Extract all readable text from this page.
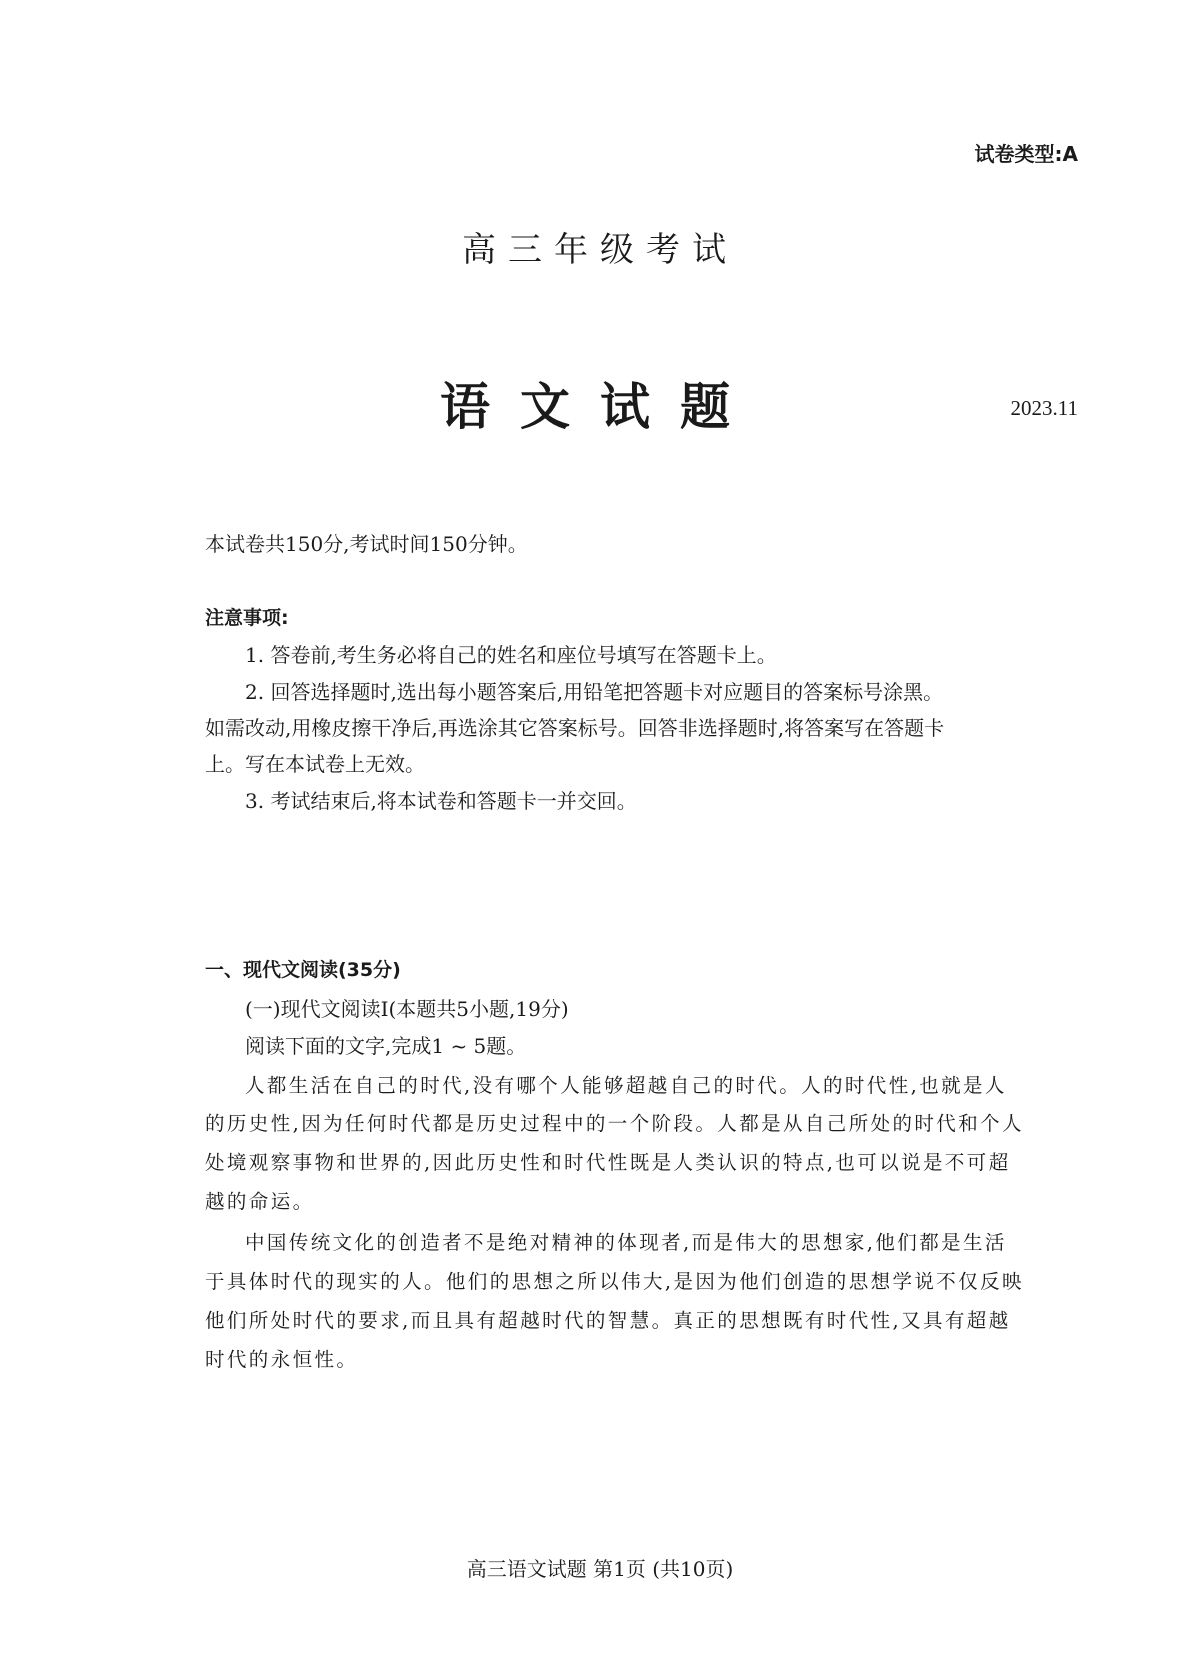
试卷类型:A
高三年级考试
语文试题	2023.11
本试卷共150分,考试时间150分钟。
注意事项:
1. 答卷前,考生务必将自己的姓名和座位号填写在答题卡上。
2. 回答选择题时,选出每小题答案后,用铅笔把答题卡对应题目的答案标号涂黑。
如需改动,用橡皮擦干净后,再选涂其它答案标号。回答非选择题时,将答案写在答题卡
上。写在本试卷上无效。
3. 考试结束后,将本试卷和答题卡一并交回。
一、现代文阅读(35分)
(一)现代文阅读Ⅰ(本题共5小题,19分)
阅读下面的文字,完成1 ~ 5题。
人都生活在自己的时代,没有哪个人能够超越自己的时代。人的时代性,也就是人
的历史性,因为任何时代都是历史过程中的一个阶段。人都是从自己所处的时代和个人
处境观察事物和世界的,因此历史性和时代性既是人类认识的特点,也可以说是不可超
越的命运。
中国传统文化的创造者不是绝对精神的体现者,而是伟大的思想家,他们都是生活
于具体时代的现实的人。他们的思想之所以伟大,是因为他们创造的思想学说不仅反映
他们所处时代的要求,而且具有超越时代的智慧。真正的思想既有时代性,又具有超越
时代的永恒性。
高三语文试题 第1页 (共10页)
